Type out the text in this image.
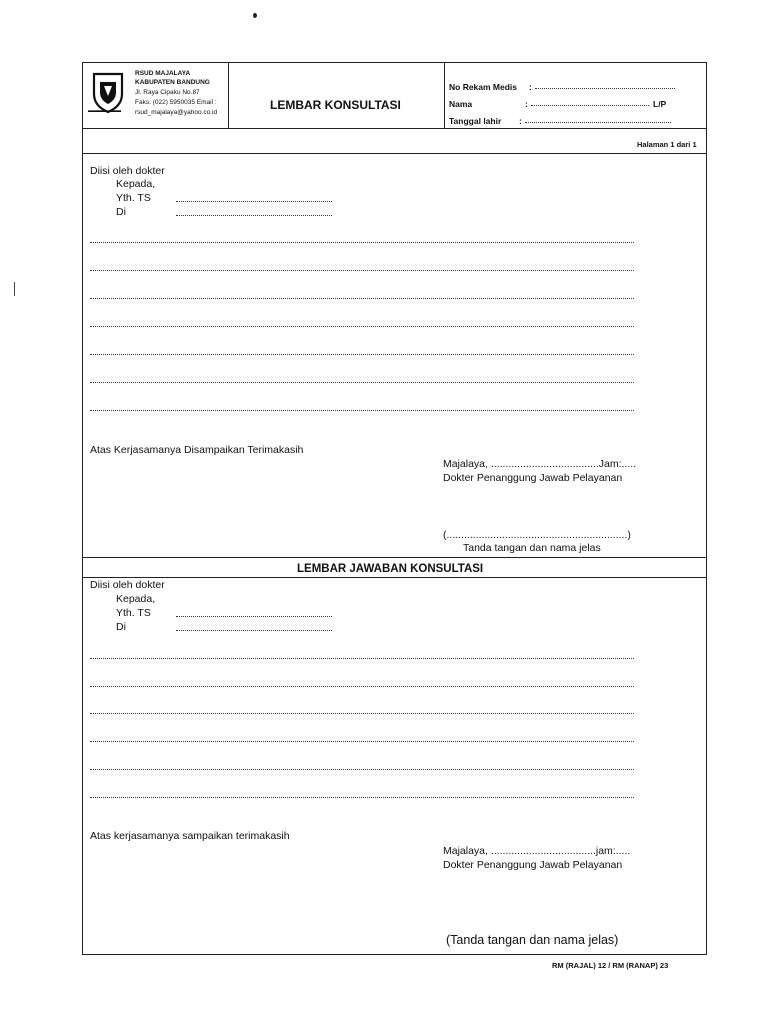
▬▬▬▬▬▬
RSUD MAJALAYA
KABUPATEN BANDUNG
Jl. Raya Cipaku No.87
Faks. (022) 5950035 Email :
rsud_majalaya@yahoo.co.id
LEMBAR KONSULTASI
No Rekam Medis :
Nama	:	L/P
Tanggal lahir :
Halaman 1 dari 1
Diisi oleh dokter
Kepada,
Yth. TS
Di
Atas Kerjasamanya Disampaikan Terimakasih
Majalaya, .....................................Jam:.....
Dokter Penanggung Jawab Pelayanan
(..............................................................)
Tanda tangan dan nama jelas
LEMBAR JAWABAN KONSULTASI
Diisi oleh dokter
Kepada,
Yth. TS
Di
Atas kerjasamanya sampaikan terimakasih
Majalaya, ....................................jam:.....
Dokter Penanggung Jawab Pelayanan
(Tanda tangan dan nama jelas)
RM (RAJAL) 12 / RM (RANAP) 23
